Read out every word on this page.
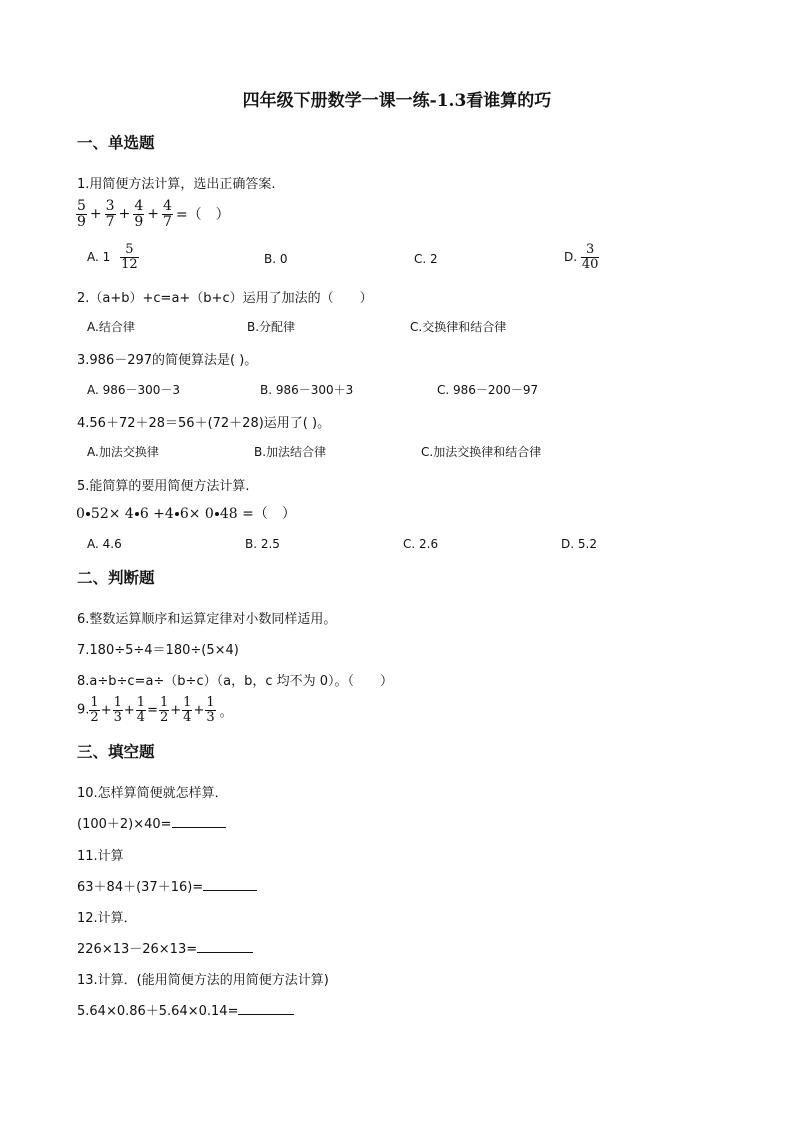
四年级下册数学一课一练-1.3看谁算的巧
一、单选题
1.用简便方法计算，选出正确答案.
$\frac{5}{9} + \frac{3}{7} + \frac{4}{9} + \frac{4}{7}$ =（　）
A. $1 \frac{5}{12}$	B. 0	C. 2	D. $\frac{3}{40}$
2.（a+b）+c=a+（b+c）运用了加法的（　　）
A.结合律	B.分配律	C.交换律和结合律
3.986－297的简便算法是( )。
A. 986－300－3	B. 986－300＋3	C. 986－200－97
4.56＋72＋28＝56＋(72＋28)运用了( )。
A.加法交换律	B.加法结合律	C.加法交换律和结合律
5.能简算的要用简便方法计算.
0 52× 4 6 +4 6× 0 48 =（　）
A. 4.6	B. 2.5	C. 2.6	D. 5.2
二、判断题
6.整数运算顺序和运算定律对小数同样适用。
7.180÷5÷4＝180÷(5×4)
8.a÷b÷c=a÷（b÷c）（a，b，c 均不为 0）。（　　）
9. $\frac{1}{2} + \frac{1}{3} + \frac{1}{4} = \frac{1}{2} + \frac{1}{4} + \frac{1}{3}$ 。
三、填空题
10.怎样算简便就怎样算．
(100＋2)×40=
11.计算
63＋84＋(37＋16)=
12.计算．
226×13－26×13=
13.计算．(能用简便方法的用简便方法计算)
5.64×0.86＋5.64×0.14=
